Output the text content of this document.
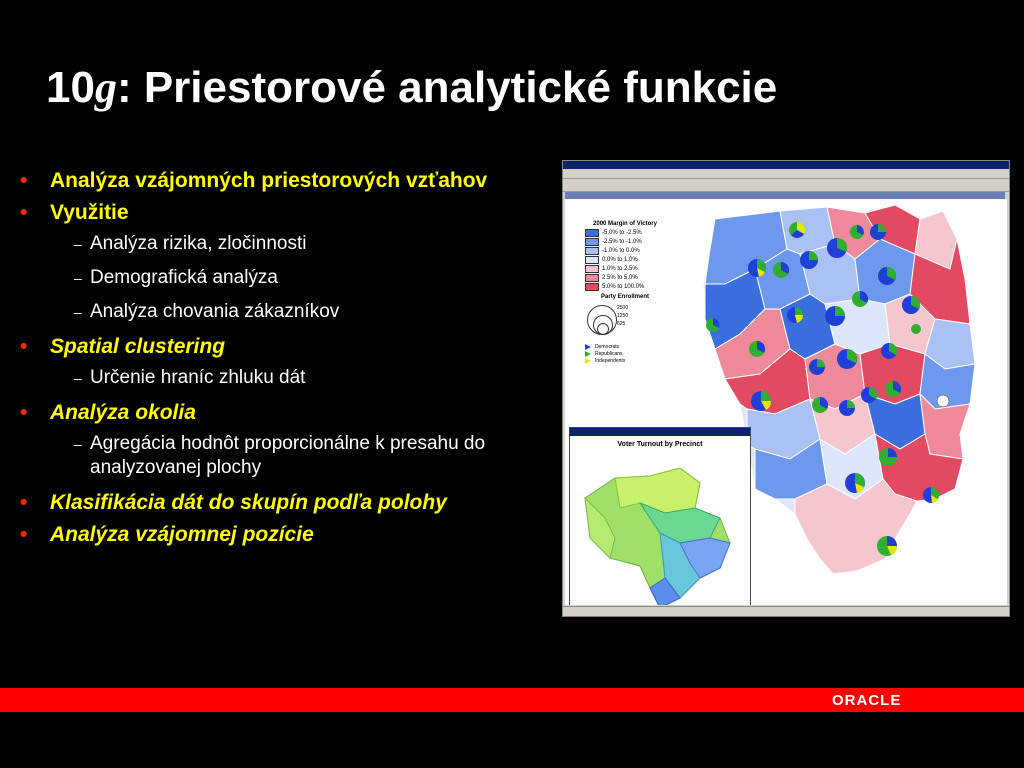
10g: Priestorové analytické funkcie
• Analýza vzájomných priestorových vzťahov
• Využitie
– Analýza rizika, zločinnosti
– Demografická analýza
– Analýza chovania zákazníkov
• Spatial clustering
– Určenie hraníc zhluku dát
• Analýza okolia
– Agregácia hodnôt proporcionálne k presahu do analyzovanej plochy
• Klasifikácia dát do skupín podľa polohy
• Analýza vzájomnej pozície
2000 Margin of Victory
-5.0% to -2.5%
-2.5% to -1.0%
-1.0% to 0.0%
0.0% to 1.0%
1.0% to 2.5%
2.5% to 5.0%
5.0% to 100.0%
Party Enrollment
2500
1250
625
Democrats
Republicans
Independents
Voter Turnout by Precinct
ORACLE
